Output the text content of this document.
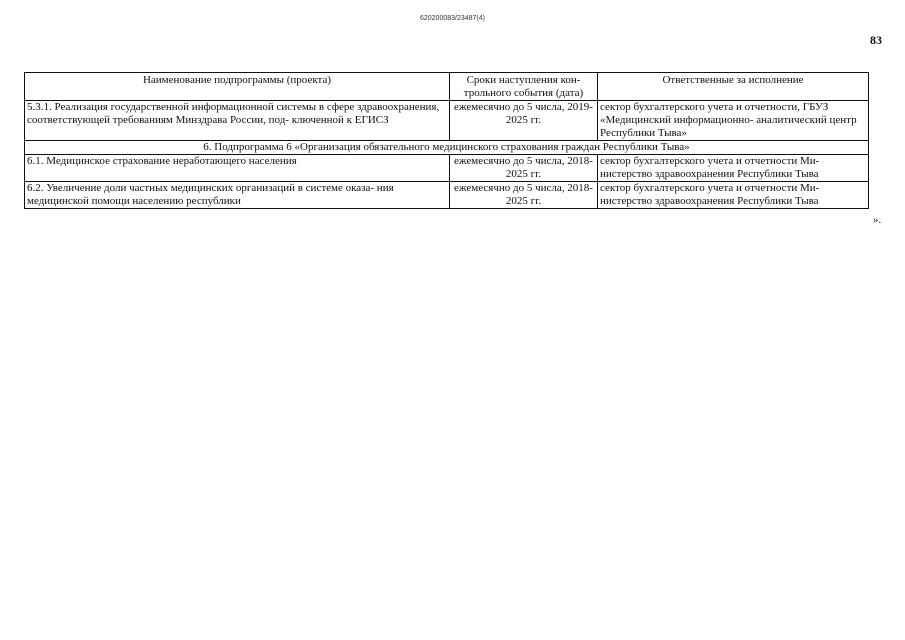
620200083/23487(4)
83
Наименование подпрограммы (проекта)	Сроки наступления кон- трольного события (дата)	Ответственные за исполнение
5.3.1. Реализация государственной информационной системы в сфере здравоохранения, соответствующей требованиям Минздрава России, под- ключенной к ЕГИСЗ	ежемесячно до 5 числа, 2019-2025 гг.	сектор бухгалтерского учета и отчетности, ГБУЗ «Медицинский информационно- аналитический центр Республики Тыва»
6. Подпрограмма 6 «Организация обязательного медицинского страхования граждан Республики Тыва»		
6.1. Медицинское страхование неработающего населения	ежемесячно до 5 числа, 2018-2025 гг.	сектор бухгалтерского учета и отчетности Ми- нистерство здравоохранения Республики Тыва
6.2. Увеличение доли частных медицинских организаций в системе оказа- ния медицинской помощи населению республики	ежемесячно до 5 числа, 2018-2025 гг.	сектор бухгалтерского учета и отчетности Ми- нистерство здравоохранения Республики Тыва
».
